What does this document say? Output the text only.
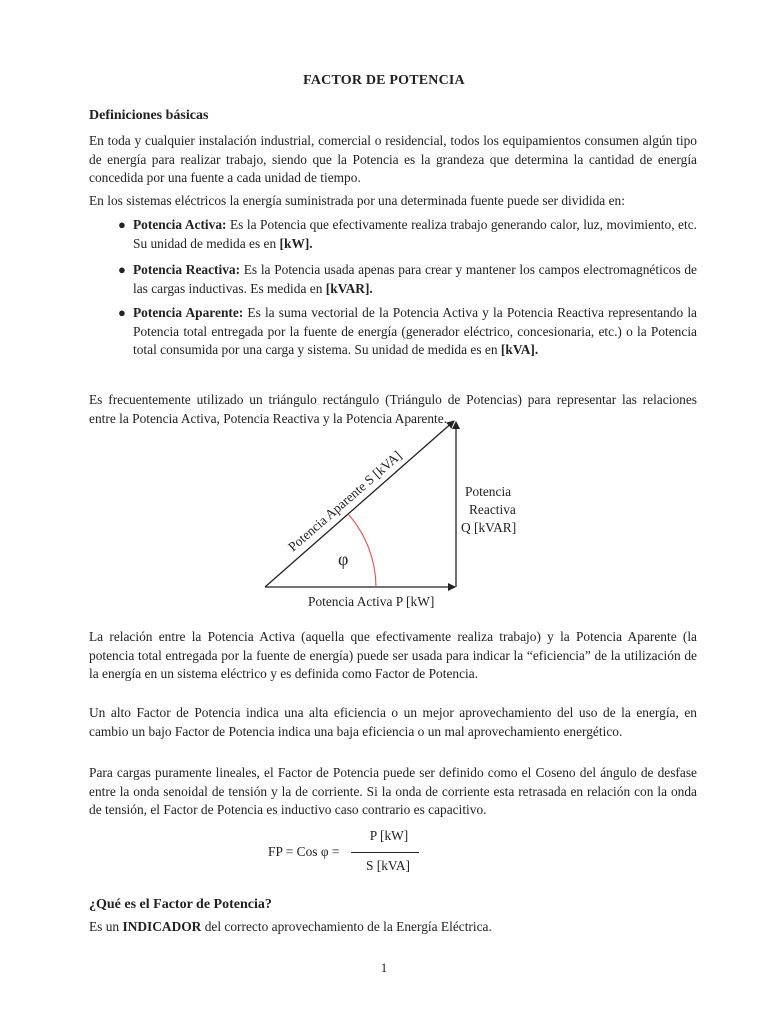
FACTOR DE POTENCIA
Definiciones básicas

En toda y cualquier instalación industrial, comercial o residencial, todos los equipamientos consumen algún tipo de energía para realizar trabajo, siendo que la Potencia es la grandeza que determina la cantidad de energía concedida por una fuente a cada unidad de tiempo.

En los sistemas eléctricos la energía suministrada por una determinada fuente puede ser dividida en:

● Potencia Activa: Es la Potencia que efectivamente realiza trabajo generando calor, luz, movimiento, etc. Su unidad de medida es en [kW].
● Potencia Reactiva: Es la Potencia usada apenas para crear y mantener los campos electromagnéticos de las cargas inductivas. Es medida en [kVAR].
● Potencia Aparente: Es la suma vectorial de la Potencia Activa y la Potencia Reactiva representando la Potencia total entregada por la fuente de energía (generador eléctrico, concesionaria, etc.) o la Potencia total consumida por una carga y sistema. Su unidad de medida es en [kVA].

Es frecuentemente utilizado un triángulo rectángulo (Triángulo de Potencias) para representar las relaciones entre la Potencia Activa, Potencia Reactiva y la Potencia Aparente.

φ
Potencia Aparente S [kVA]	Potencia
Reactiva
Q [kVAR]
Potencia Activa P [kW]

La relación entre la Potencia Activa (aquella que efectivamente realiza trabajo) y la Potencia Aparente (la potencia total entregada por la fuente de energía) puede ser usada para indicar la “eficiencia” de la utilización de la energía en un sistema eléctrico y es definida como Factor de Potencia.

Un alto Factor de Potencia indica una alta eficiencia o un mejor aprovechamiento del uso de la energía, en cambio un bajo Factor de Potencia indica una baja eficiencia o un mal aprovechamiento energético.

Para cargas puramente lineales, el Factor de Potencia puede ser definido como el Coseno del ángulo de desfase entre la onda senoidal de tensión y la de corriente. Si la onda de corriente esta retrasada en relación con la onda de tensión, el Factor de Potencia es inductivo caso contrario es capacitivo.

FP = Cos φ =
P [kW]
S [kVA]
¿Qué es el Factor de Potencia?

Es un INDICADOR del correcto aprovechamiento de la Energía Eléctrica.

1
